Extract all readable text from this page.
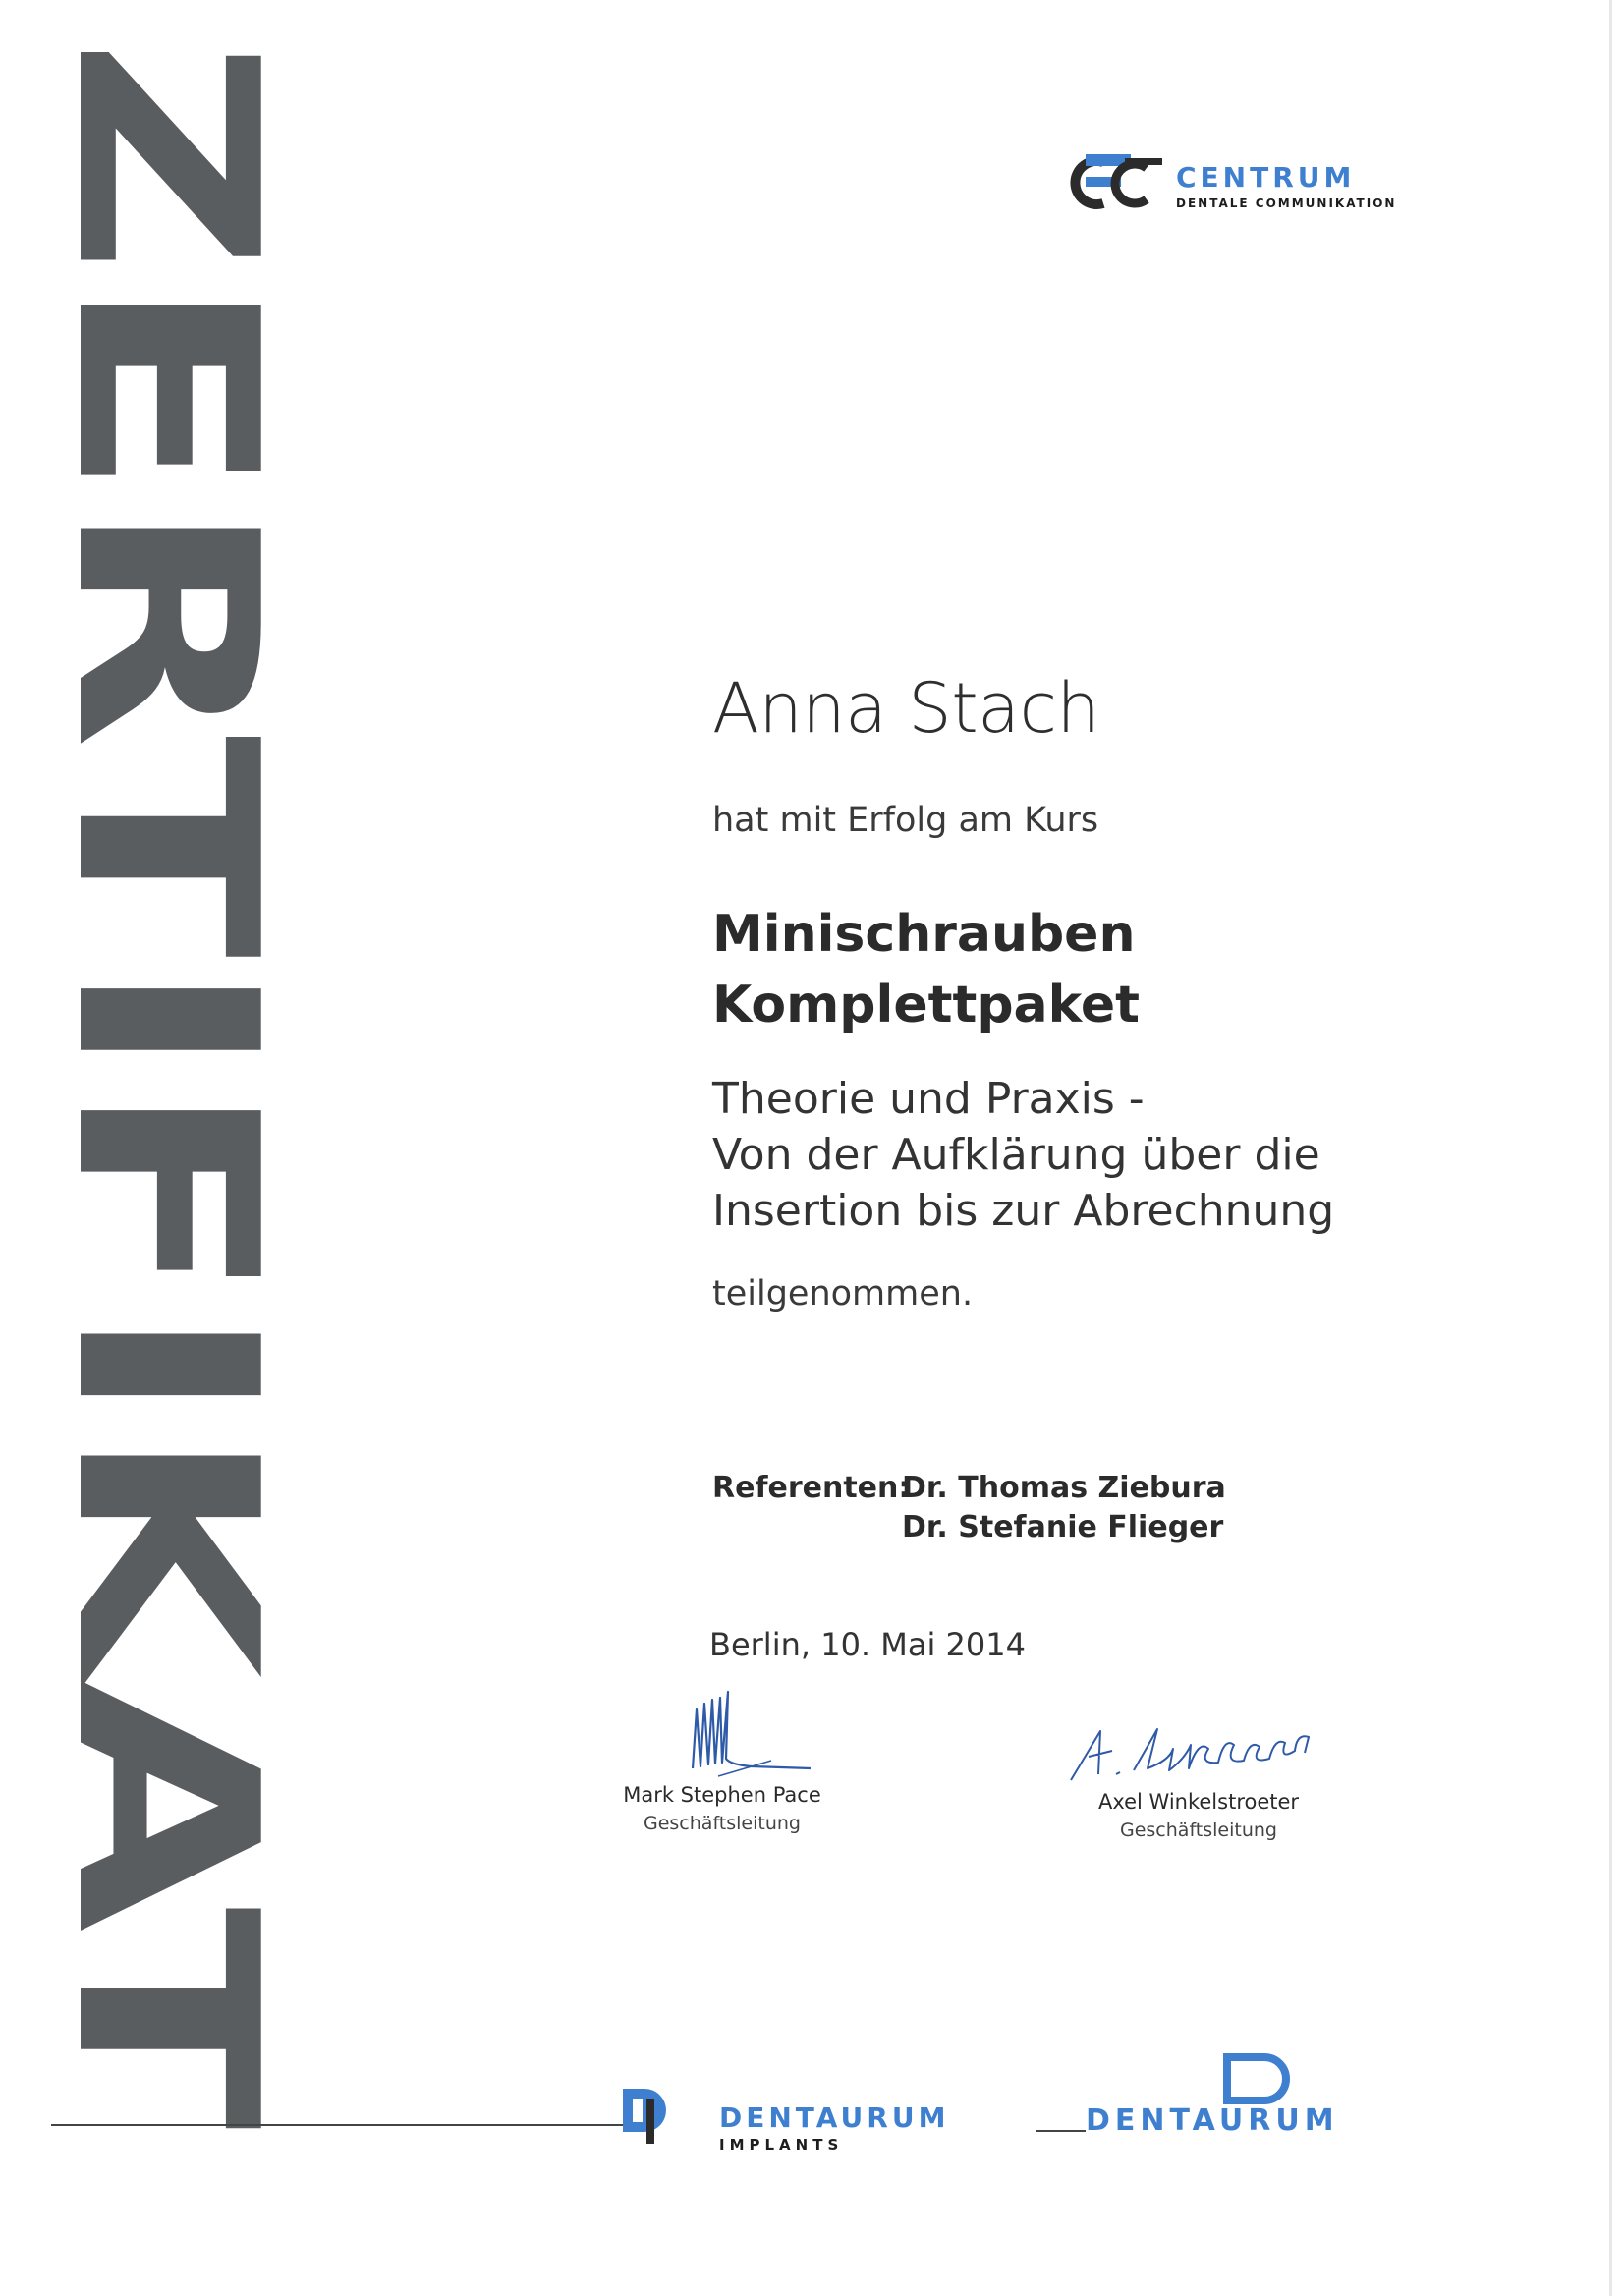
ZERTIFIKAT	CENTRUM
DENTALE COMMUNIKATION
Anna Stach
hat mit Erfolg am Kurs
Minischrauben
Komplettpaket
Theorie und Praxis -
Von der Aufklärung über die
Insertion bis zur Abrechnung
teilgenommen.
Referenten:Dr. Thomas Ziebura
Dr. Stefanie Flieger
Berlin, 10. Mai 2014
Mark Stephen Pace
Geschäftsleitung
Axel Winkelstroeter
Geschäftsleitung
DENTAURUM
IMPLANTS
DENTAURUM
